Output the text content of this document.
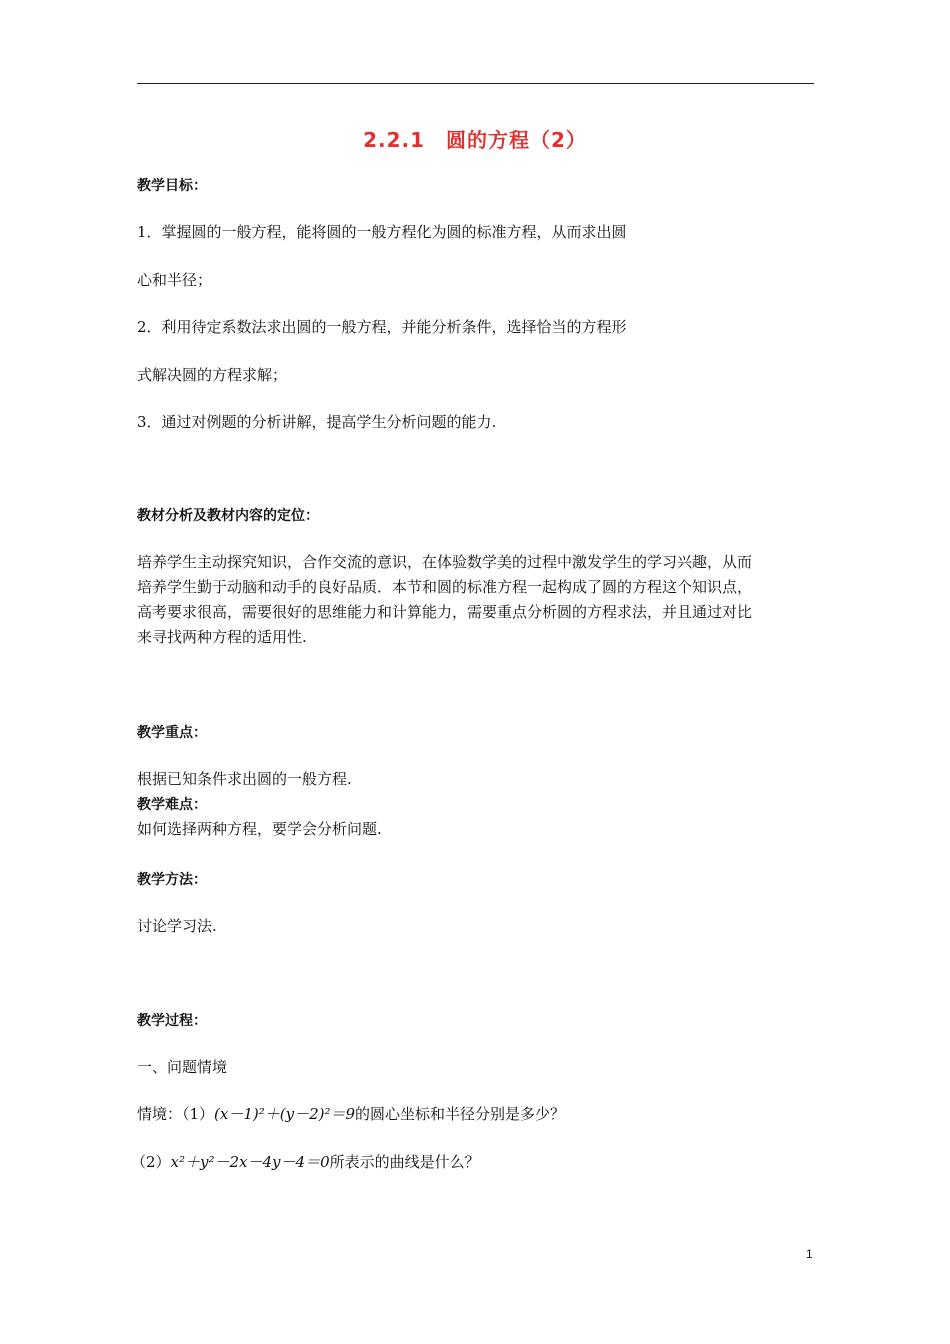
2.2.1　圆的方程（2）
教学目标：
1．掌握圆的一般方程，能将圆的一般方程化为圆的标准方程，从而求出圆
心和半径；
2．利用待定系数法求出圆的一般方程，并能分析条件，选择恰当的方程形
式解决圆的方程求解；
3．通过对例题的分析讲解，提高学生分析问题的能力.
教材分析及教材内容的定位：
培养学生主动探究知识，合作交流的意识，在体验数学美的过程中激发学生的学习兴趣，从而
培养学生勤于动脑和动手的良好品质．本节和圆的标准方程一起构成了圆的方程这个知识点，
高考要求很高，需要很好的思维能力和计算能力，需要重点分析圆的方程求法，并且通过对比
来寻找两种方程的适用性.
教学重点：
根据已知条件求出圆的一般方程.
教学难点：
如何选择两种方程，要学会分析问题.
教学方法：
讨论学习法.
教学过程：
一、问题情境
情境：（1）(x－1)²＋(y－2)²＝9的圆心坐标和半径分别是多少？
（2）x²＋y²－2x－4y－4＝0所表示的曲线是什么？
1
